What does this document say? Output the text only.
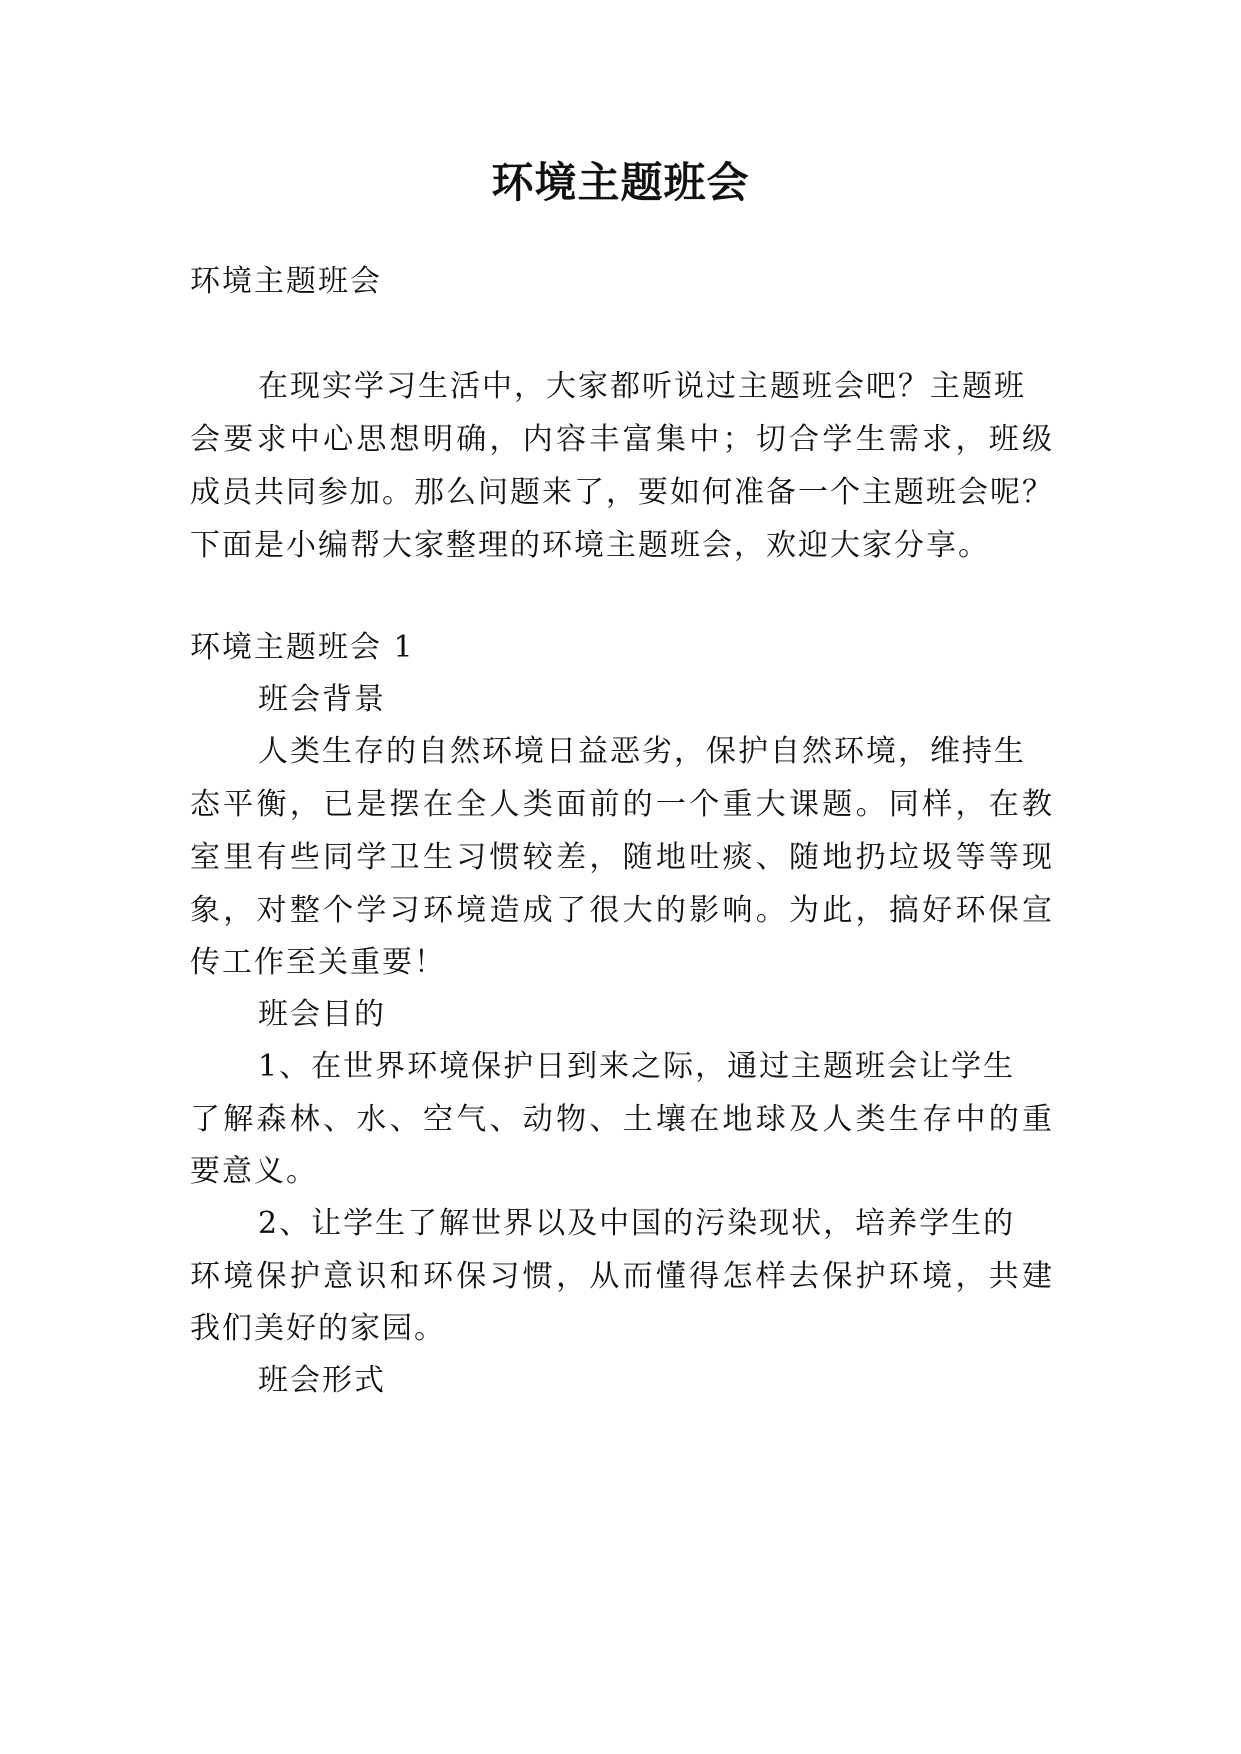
环境主题班会

环境主题班会

在现实学习生活中，大家都听说过主题班会吧？主题班

会要求中心思想明确，内容丰富集中；切合学生需求，班级

成员共同参加。那么问题来了，要如何准备一个主题班会呢？

下面是小编帮大家整理的环境主题班会，欢迎大家分享。

环境主题班会 1

班会背景

人类生存的自然环境日益恶劣，保护自然环境，维持生

态平衡，已是摆在全人类面前的一个重大课题。同样，在教

室里有些同学卫生习惯较差，随地吐痰、随地扔垃圾等等现

象，对整个学习环境造成了很大的影响。为此，搞好环保宣

传工作至关重要！

班会目的

1、在世界环境保护日到来之际，通过主题班会让学生

了解森林、水、空气、动物、土壤在地球及人类生存中的重

要意义。

2、让学生了解世界以及中国的污染现状，培养学生的

环境保护意识和环保习惯，从而懂得怎样去保护环境，共建

我们美好的家园。

班会形式
